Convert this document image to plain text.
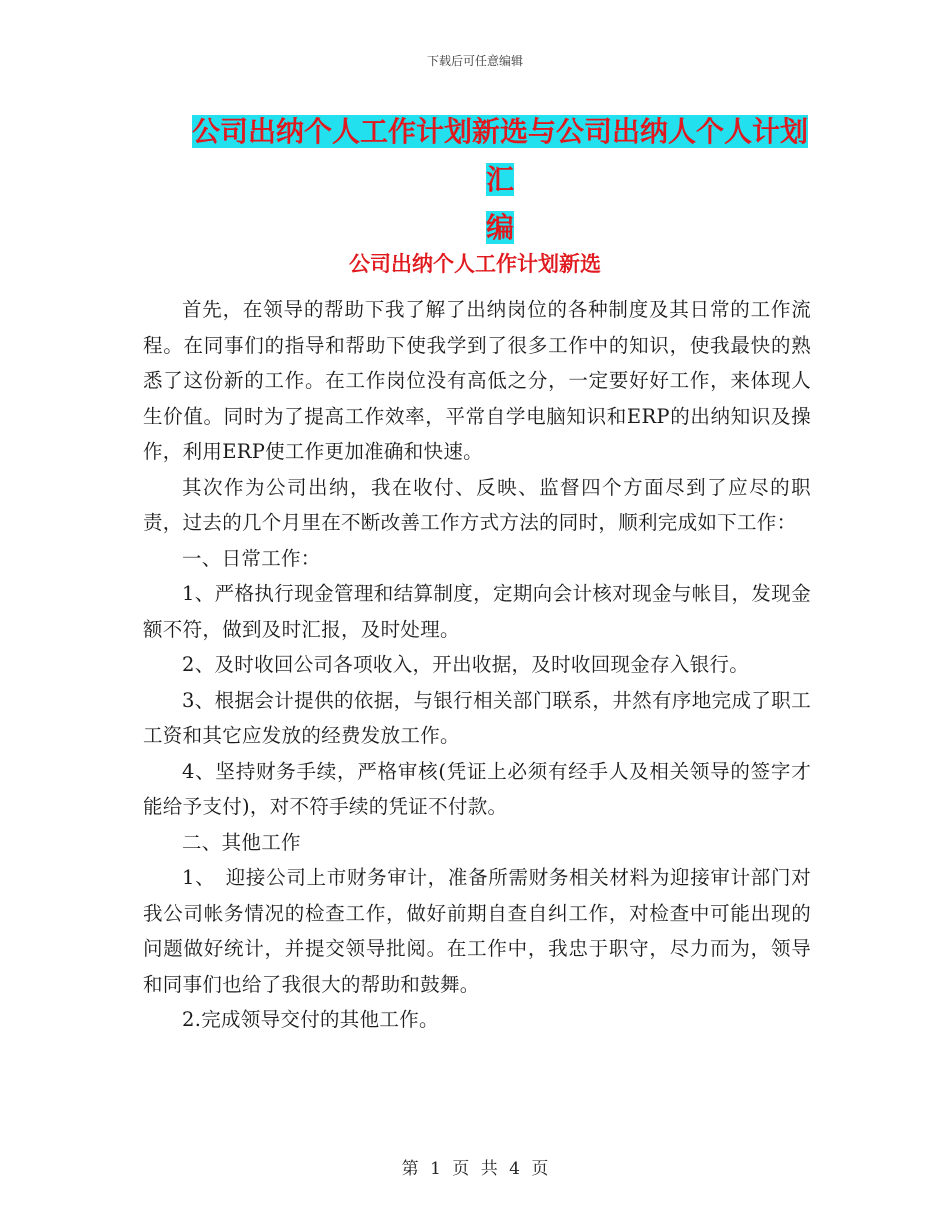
下载后可任意编辑
公司出纳个人工作计划新选与公司出纳人个人计划汇
编
公司出纳个人工作计划新选

首先，在领导的帮助下我了解了出纳岗位的各种制度及其日常的工作流程。在同事们的指导和帮助下使我学到了很多工作中的知识，使我最快的熟悉了这份新的工作。在工作岗位没有高低之分，一定要好好工作，来体现人生价值。同时为了提高工作效率，平常自学电脑知识和ERP的出纳知识及操作，利用ERP使工作更加准确和快速。

其次作为公司出纳，我在收付、反映、监督四个方面尽到了应尽的职责，过去的几个月里在不断改善工作方式方法的同时，顺利完成如下工作：

一、日常工作：

1、严格执行现金管理和结算制度，定期向会计核对现金与帐目，发现金额不符，做到及时汇报，及时处理。

2、及时收回公司各项收入，开出收据，及时收回现金存入银行。

3、根据会计提供的依据，与银行相关部门联系，井然有序地完成了职工工资和其它应发放的经费发放工作。

4、坚持财务手续，严格审核(凭证上必须有经手人及相关领导的签字才能给予支付)，对不符手续的凭证不付款。

二、其他工作

1、　迎接公司上市财务审计，准备所需财务相关材料为迎接审计部门对我公司帐务情况的检查工作，做好前期自查自纠工作，对检查中可能出现的问题做好统计，并提交领导批阅。在工作中，我忠于职守，尽力而为，领导和同事们也给了我很大的帮助和鼓舞。

2.完成领导交付的其他工作。

第 1 页 共 4 页
